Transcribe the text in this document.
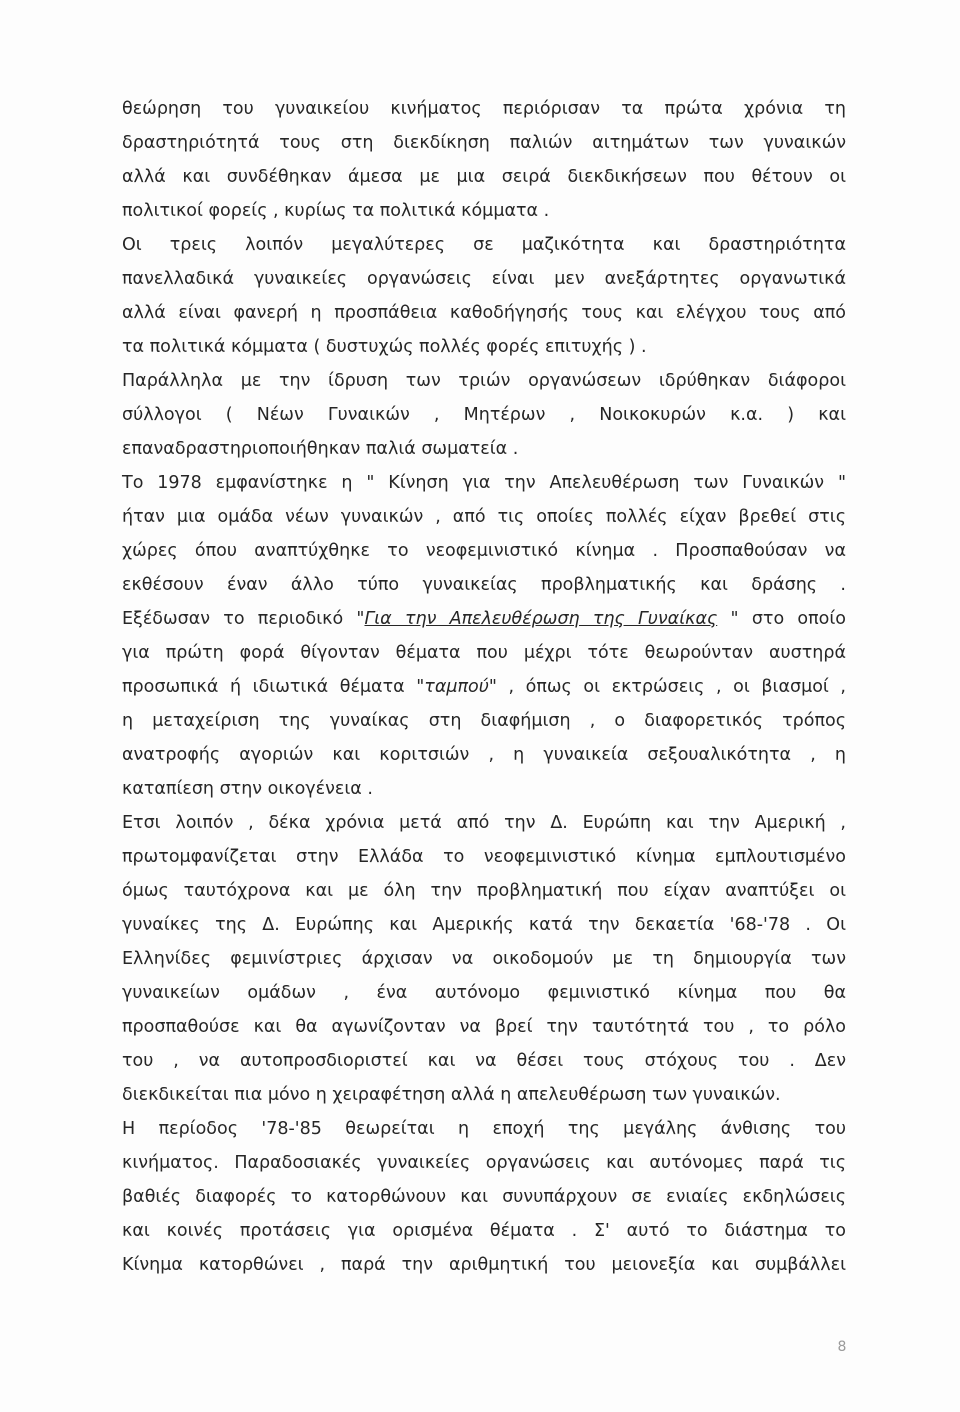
θεώρηση του γυναικείου κινήματος περιόρισαν τα πρώτα χρόνια τη
δραστηριότητά τους στη διεκδίκηση παλιών αιτημάτων των γυναικών
αλλά και συνδέθηκαν άμεσα με μια σειρά διεκδικήσεων που θέτουν οι
πολιτικοί φορείς , κυρίως τα πολιτικά κόμματα .
Οι τρεις λοιπόν μεγαλύτερες σε μαζικότητα και δραστηριότητα
πανελλαδικά γυναικείες οργανώσεις είναι μεν ανεξάρτητες οργανωτικά
αλλά είναι φανερή η προσπάθεια καθοδήγησής τους και ελέγχου τους από
τα πολιτικά κόμματα ( δυστυχώς πολλές φορές επιτυχής ) .
Παράλληλα με την ίδρυση των τριών οργανώσεων ιδρύθηκαν διάφοροι
σύλλογοι ( Νέων Γυναικών , Μητέρων , Νοικοκυρών κ.α. ) και
επαναδραστηριοποιήθηκαν παλιά σωματεία .
Το 1978 εμφανίστηκε η " Κίνηση για την Απελευθέρωση των Γυναικών "
ήταν μια ομάδα νέων γυναικών , από τις οποίες πολλές είχαν βρεθεί στις
χώρες όπου αναπτύχθηκε το νεοφεμινιστικό κίνημα . Προσπαθούσαν να
εκθέσουν έναν άλλο τύπο γυναικείας προβληματικής και δράσης .
Εξέδωσαν το περιοδικό "Για την Απελευθέρωση της Γυναίκας " στο οποίο
για πρώτη φορά θίγονταν θέματα που μέχρι τότε θεωρούνταν αυστηρά
προσωπικά ή ιδιωτικά θέματα "ταμπού" , όπως οι εκτρώσεις , οι βιασμοί ,
η μεταχείριση της γυναίκας στη διαφήμιση , ο διαφορετικός τρόπος
ανατροφής αγοριών και κοριτσιών , η γυναικεία σεξουαλικότητα , η
καταπίεση στην οικογένεια .
Ετσι λοιπόν , δέκα χρόνια μετά από την Δ. Ευρώπη και την Αμερική ,
πρωτομφανίζεται στην Ελλάδα το νεοφεμινιστικό κίνημα εμπλουτισμένο
όμως ταυτόχρονα και με όλη την προβληματική που είχαν αναπτύξει οι
γυναίκες της Δ. Ευρώπης και Αμερικής κατά την δεκαετία '68-'78 . Οι
Ελληνίδες φεμινίστριες άρχισαν να οικοδομούν με τη δημιουργία των
γυναικείων ομάδων , ένα αυτόνομο φεμινιστικό κίνημα που θα
προσπαθούσε και θα αγωνίζονταν να βρεί την ταυτότητά του , το ρόλο
του , να αυτοπροσδιοριστεί και να θέσει τους στόχους του . Δεν
διεκδικείται πια μόνο η χειραφέτηση αλλά η απελευθέρωση των γυναικών.
Η περίοδος '78-'85 θεωρείται η εποχή της μεγάλης άνθισης του
κινήματος. Παραδοσιακές γυναικείες οργανώσεις και αυτόνομες παρά τις
βαθιές διαφορές το κατορθώνουν και συνυπάρχουν σε ενιαίες εκδηλώσεις
και κοινές προτάσεις για ορισμένα θέματα . Σ' αυτό το διάστημα το
Κίνημα κατορθώνει , παρά την αριθμητική του μειονεξία και συμβάλλει
8
